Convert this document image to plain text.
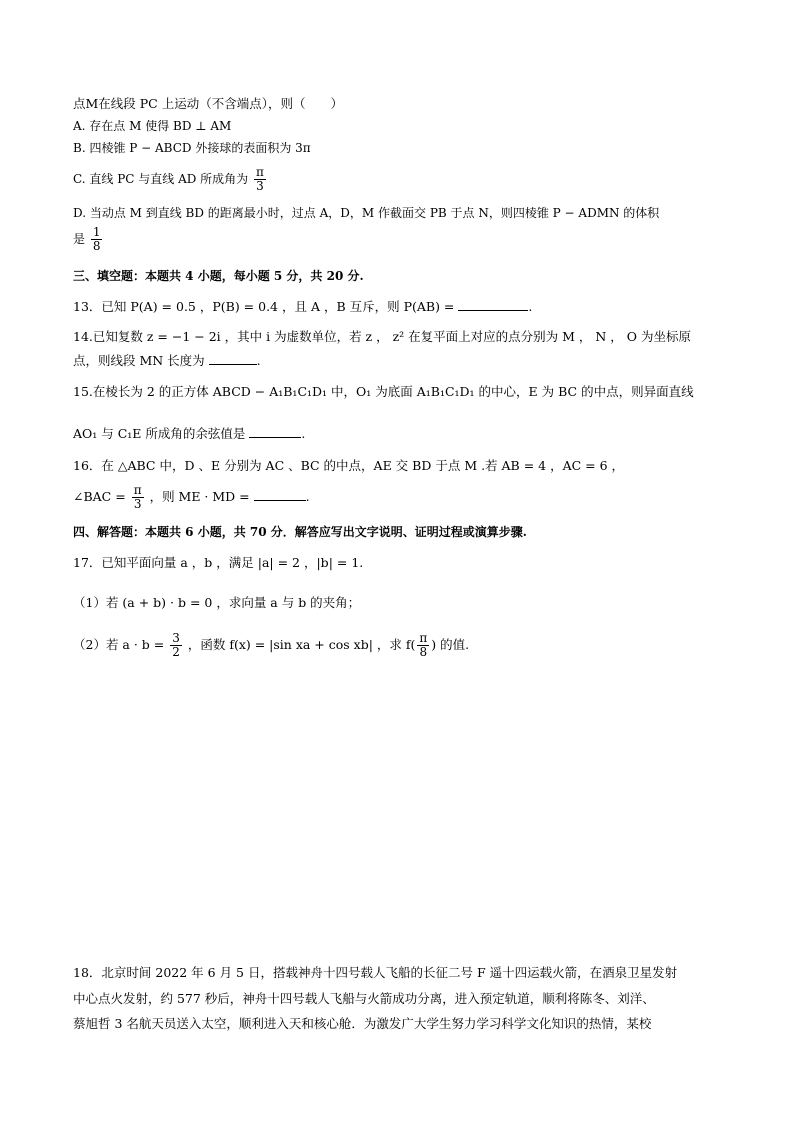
点M在线段 PC 上运动（不含端点），则（　　）
A. 存在点 M 使得 BD ⊥ AM
B. 四棱锥 P − ABCD 外接球的表面积为 3π
C. 直线 PC 与直线 AD 所成角为 $\frac{\pi}{3}$
D. 当动点 M 到直线 BD 的距离最小时，过点 A，D，M 作截面交 PB 于点 N，则四棱锥 P − ADMN 的体积
是 $\frac{1}{8}$
三、填空题：本题共 4 小题，每小题 5 分，共 20 分.
13．已知 P(A) = 0.5 ，P(B) = 0.4 ，且 A ，B 互斥，则 P(AB) =	.
14.已知复数 z = −1 − 2i ，其中 i 为虚数单位，若 z ， z² 在复平面上对应的点分别为 M ， N ， O 为坐标原
点，则线段 MN 长度为	.
15.在棱长为 2 的正方体 ABCD − A₁B₁C₁D₁ 中，O₁ 为底面 A₁B₁C₁D₁ 的中心，E 为 BC 的中点，则异面直线
AO₁ 与 C₁E 所成角的余弦值是	.
16．在 △ABC 中，D 、E 分别为 AC 、BC 的中点，AE 交 BD 于点 M .若 AB = 4 ，AC = 6 ，
∠BAC = $\frac{\pi}{3}$ ，则 ME · MD =	.
四、解答题：本题共 6 小题，共 70 分．解答应写出文字说明、证明过程或演算步骤.
17．已知平面向量 a ，b ，满足 |a| = 2 ，|b| = 1.
（1）若 (a + b) · b = 0 ，求向量 a 与 b 的夹角；
（2）若 $a \cdot b = \frac{3}{2}$ ，函数 f(x) = |sin xa + cos xb| ，求 $f( \frac{\pi}{8}$ ) 的值.
18．北京时间 2022 年 6 月 5 日，搭载神舟十四号载人飞船的长征二号 F 遥十四运载火箭，在酒泉卫星发射
中心点火发射，约 577 秒后，神舟十四号载人飞船与火箭成功分离，进入预定轨道，顺利将陈冬、刘洋、
蔡旭哲 3 名航天员送入太空，顺利进入天和核心舱．为激发广大学生努力学习科学文化知识的热情，某校
